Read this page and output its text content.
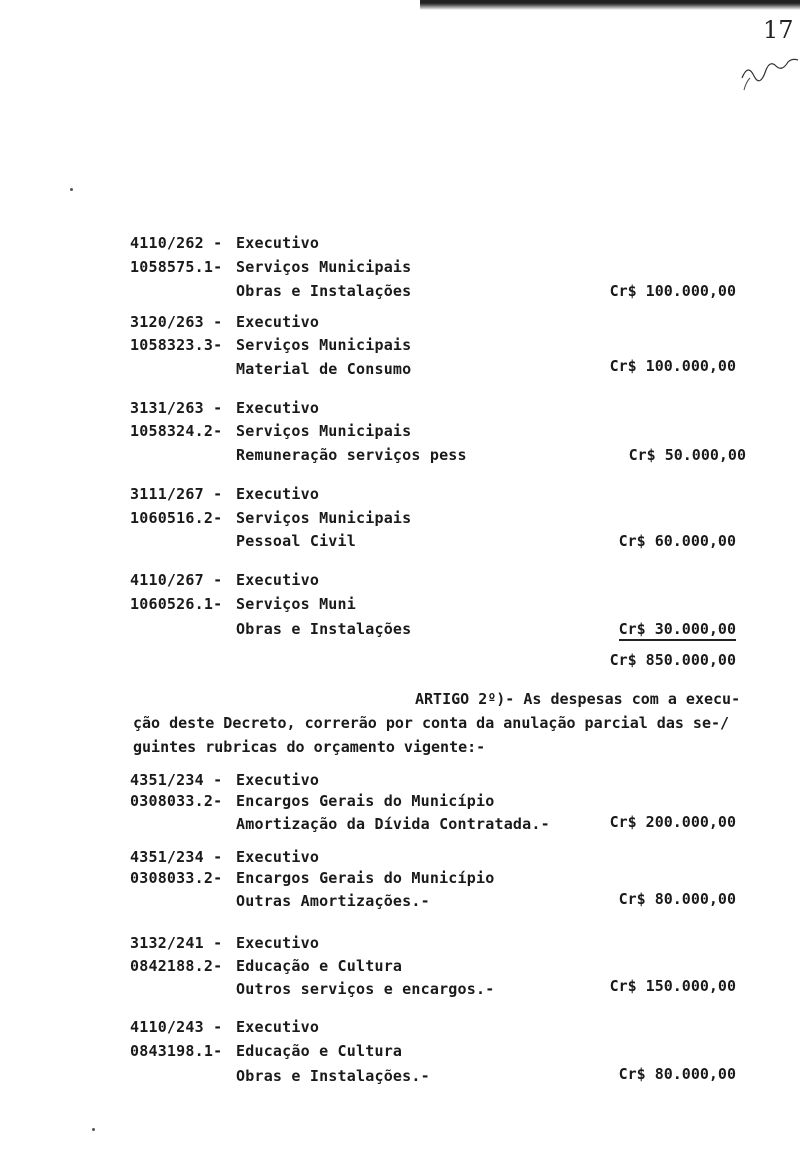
17
4110/262 - Executivo
1058575.1- Serviços Municipais
Obras e Instalações	Cr$ 100.000,00
3120/263 - Executivo
1058323.3- Serviços Municipais
Material de Consumo	Cr$ 100.000,00
3131/263 - Executivo
1058324.2- Serviços Municipais
Remuneração serviços pess	Cr$ 50.000,00
3111/267 - Executivo
1060516.2- Serviços Municipais
Pessoal Civil	Cr$ 60.000,00
4110/267 - Executivo
1060526.1- Serviços Muni
Obras e Instalações	Cr$ 30.000,00
Cr$ 850.000,00
ARTIGO 2º)- As despesas com a execu-
ção deste Decreto, correrão por conta da anulação parcial das se-/
guintes rubricas do orçamento vigente:-
4351/234 - Executivo
0308033.2- Encargos Gerais do Município
Amortização da Dívida Contratada.-	Cr$ 200.000,00
4351/234 - Executivo
0308033.2- Encargos Gerais do Município
Outras Amortizações.-	Cr$ 80.000,00
3132/241 - Executivo
0842188.2- Educação e Cultura
Outros serviços e encargos.-	Cr$ 150.000,00
4110/243 - Executivo
0843198.1- Educação e Cultura
Obras e Instalações.-	Cr$ 80.000,00
